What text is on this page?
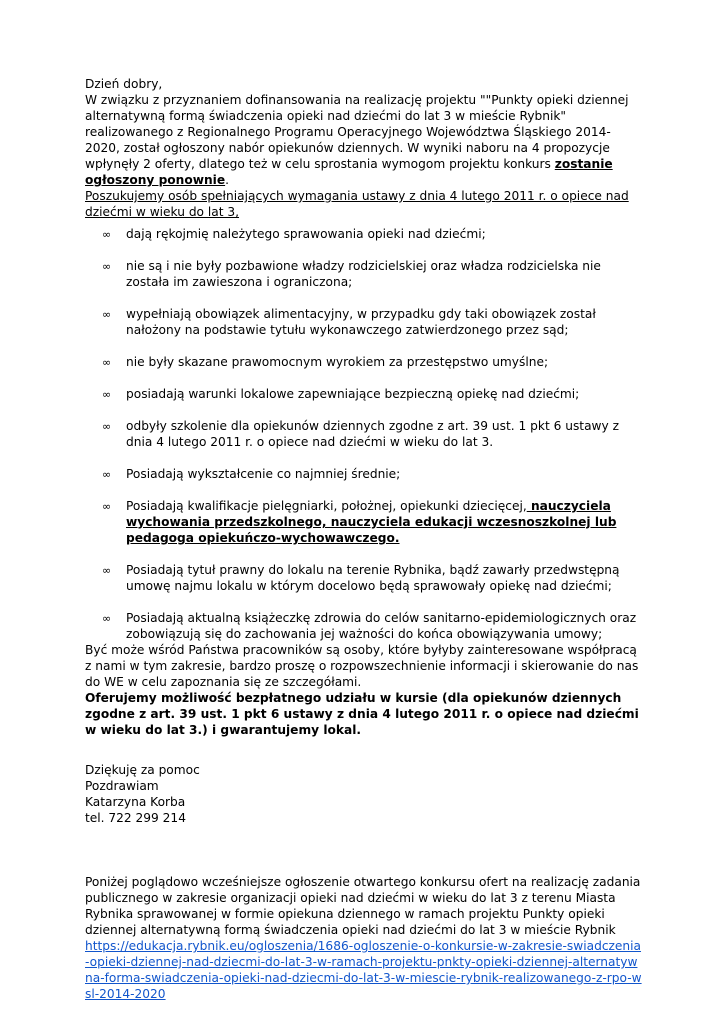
Dzień dobry,

W związku z przyznaniem dofinansowania na realizację projektu ""Punkty opieki dziennej alternatywną formą świadczenia opieki nad dziećmi do lat 3 w mieście Rybnik" realizowanego z Regionalnego Programu Operacyjnego Województwa Śląskiego 2014-2020, został ogłoszony nabór opiekunów dziennych. W wyniki naboru na 4 propozycje wpłynęły 2 oferty, dlatego też w celu sprostania wymogom projektu konkurs zostanie ogłoszony ponownie.

Poszukujemy osób spełniających wymagania ustawy z dnia 4 lutego 2011 r. o opiece nad dziećmi w wieku do lat 3,

∞ dają rękojmię należytego sprawowania opieki nad dziećmi;
∞ nie są i nie były pozbawione władzy rodzicielskiej oraz władza rodzicielska nie została im zawieszona i ograniczona;
∞ wypełniają obowiązek alimentacyjny, w przypadku gdy taki obowiązek został nałożony na podstawie tytułu wykonawczego zatwierdzonego przez sąd;
∞ nie były skazane prawomocnym wyrokiem za przestępstwo umyślne;
∞ posiadają warunki lokalowe zapewniające bezpieczną opiekę nad dziećmi;
∞ odbyły szkolenie dla opiekunów dziennych zgodne z art. 39 ust. 1 pkt 6 ustawy z dnia 4 lutego 2011 r. o opiece nad dziećmi w wieku do lat 3.
∞ Posiadają wykształcenie co najmniej średnie;
∞ Posiadają kwalifikacje pielęgniarki, położnej, opiekunki dziecięcej, nauczyciela wychowania przedszkolnego, nauczyciela edukacji wczesnoszkolnej lub pedagoga opiekuńczo-wychowawczego.
∞ Posiadają tytuł prawny do lokalu na terenie Rybnika, bądź zawarły przedwstępną umowę najmu lokalu w którym docelowo będą sprawowały opiekę nad dziećmi;
∞ Posiadają aktualną książeczkę zdrowia do celów sanitarno-epidemiologicznych oraz zobowiązują się do zachowania jej ważności do końca obowiązywania umowy;

Być może wśród Państwa pracowników są osoby, które byłyby zainteresowane współpracą z nami w tym zakresie, bardzo proszę o rozpowszechnienie informacji i skierowanie do nas do WE w celu zapoznania się ze szczegółami.

Oferujemy możliwość bezpłatnego udziału w kursie (dla opiekunów dziennych zgodne z art. 39 ust. 1 pkt 6 ustawy z dnia 4 lutego 2011 r. o opiece nad dziećmi w wieku do lat 3.) i gwarantujemy lokal.

Dziękuję za pomoc

Pozdrawiam

Katarzyna Korba

tel. 722 299 214

Poniżej poglądowo wcześniejsze ogłoszenie otwartego konkursu ofert na realizację zadania publicznego w zakresie organizacji opieki nad dziećmi w wieku do lat 3 z terenu Miasta Rybnika sprawowanej w formie opiekuna dziennego w ramach projektu Punkty opieki dziennej alternatywną formą świadczenia opieki nad dziećmi do lat 3 w mieście Rybnik

https://edukacja.rybnik.eu/ogloszenia/1686-ogloszenie-o-konkursie-w-zakresie-swiadczenia-opieki-dziennej-nad-dziecmi-do-lat-3-w-ramach-projektu-pnkty-opieki-dziennej-alternatywna-forma-swiadczenia-opieki-nad-dziecmi-do-lat-3-w-miescie-rybnik-realizowanego-z-rpo-wsl-2014-2020
